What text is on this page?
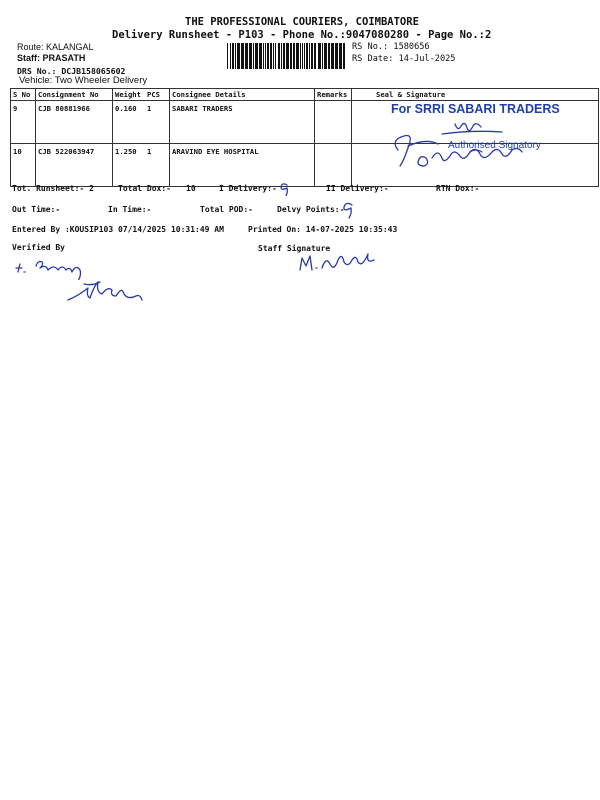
THE PROFESSIONAL COURIERS, COIMBATORE
Delivery Runsheet - P103 - Phone No.:9047080280 - Page No.:2
Route: KALANGAL
Staff: PRASATH
DRS No.: DCJB158065602
Vehicle: Two Wheeler Delivery
RS No.: 1580656
RS Date: 14-Jul-2025
S No	Consignment No	Weight	PCS	Consignee Details	Remarks	Seal & Signature
9	CJB 80881966	0.160	1	SABARI TRADERS		
10	CJB 522063947	1.250	1	ARAVIND EYE HOSPITAL		
For SRRI SABARI TRADERS
Authorised Signatory
Tot. Runsheet:- 2	Total Dox:- 10	I Delivery:-	II Delivery:-	RTN Dox:-
Out Time:-	In Time:-	Total POD:-	Delvy Points:-
Entered By :KOUSIP103 07/14/2025 10:31:49 AM	Printed On: 14-07-2025 10:35:43
Verified By	Staff Signature
